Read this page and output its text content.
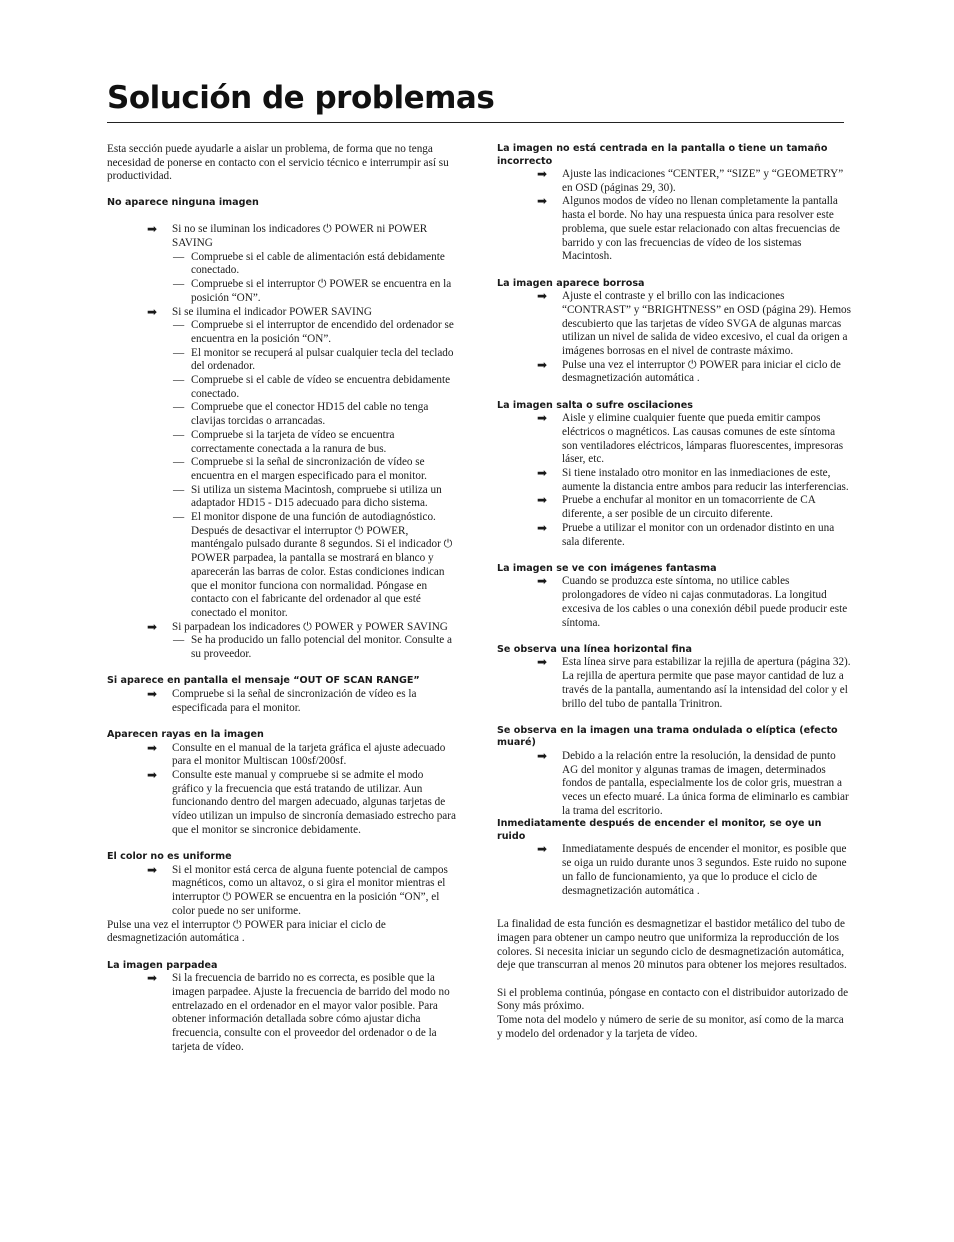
Solución de problemas

Esta sección puede ayudarle a aislar un problema, de forma que no tenga necesidad de ponerse en contacto con el servicio técnico e interrumpir así su productividad.

No aparece ninguna imagen

➡ Si no se iluminan los indicadores ⏻ POWER ni POWER SAVING

— Compruebe si el cable de alimentación está debidamente conectado.

— Compruebe si el interruptor ⏻ POWER se encuentra en la posición “ON”.

➡ Si se ilumina el indicador POWER SAVING

— Compruebe si el interruptor de encendido del ordenador se encuentra en la posición “ON”.

— El monitor se recuperá al pulsar cualquier tecla del teclado del ordenador.

— Compruebe si el cable de vídeo se encuentra debidamente conectado.

— Compruebe que el conector HD15 del cable no tenga clavijas torcidas o arrancadas.

— Compruebe si la tarjeta de vídeo se encuentra correctamente conectada a la ranura de bus.

— Compruebe si la señal de sincronización de vídeo se encuentra en el margen especificado para el monitor.

— Si utiliza un sistema Macintosh, compruebe si utiliza un adaptador HD15 - D15 adecuado para dicho sistema.

— El monitor dispone de una función de autodiagnóstico. Después de desactivar el interruptor ⏻ POWER, manténgalo pulsado durante 8 segundos. Si el indicador ⏻ POWER parpadea, la pantalla se mostrará en blanco y aparecerán las barras de color. Estas condiciones indican que el monitor funciona con normalidad. Póngase en contacto con el fabricante del ordenador al que esté conectado el monitor.

➡ Si parpadean los indicadores ⏻ POWER y POWER SAVING

— Se ha producido un fallo potencial del monitor. Consulte a su proveedor.

Si aparece en pantalla el mensaje “OUT OF SCAN RANGE”

➡ Compruebe si la señal de sincronización de vídeo es la especificada para el monitor.

Aparecen rayas en la imagen

➡ Consulte en el manual de la tarjeta gráfica el ajuste adecuado para el monitor Multiscan 100sf/200sf.

➡ Consulte este manual y compruebe si se admite el modo gráfico y la frecuencia que está tratando de utilizar. Aun funcionando dentro del margen adecuado, algunas tarjetas de vídeo utilizan un impulso de sincronía demasiado estrecho para que el monitor se sincronice debidamente.

El color no es uniforme

➡ Si el monitor está cerca de alguna fuente potencial de campos magnéticos, como un altavoz, o si gira el monitor mientras el interruptor ⏻ POWER se encuentra en la posición “ON”, el color puede no ser uniforme.

Pulse una vez el interruptor ⏻ POWER para iniciar el ciclo de desmagnetización automática .

La imagen parpadea

➡ Si la frecuencia de barrido no es correcta, es posible que la imagen parpadee. Ajuste la frecuencia de barrido del modo no entrelazado en el ordenador en el mayor valor posible. Para obtener información detallada sobre cómo ajustar dicha frecuencia, consulte con el proveedor del ordenador o de la tarjeta de vídeo.

La imagen no está centrada en la pantalla o tiene un tamaño incorrecto

➡ Ajuste las indicaciones “CENTER,” “SIZE” y “GEOMETRY” en OSD (páginas 29, 30).

➡ Algunos modos de vídeo no llenan completamente la pantalla hasta el borde. No hay una respuesta única para resolver este problema, que suele estar relacionado con altas frecuencias de barrido y con las frecuencias de vídeo de los sistemas Macintosh.

La imagen aparece borrosa

➡ Ajuste el contraste y el brillo con las indicaciones “CONTRAST” y “BRIGHTNESS” en OSD (página 29). Hemos descubierto que las tarjetas de vídeo SVGA de algunas marcas utilizan un nivel de salida de video excesivo, el cual da origen a imágenes borrosas en el nivel de contraste máximo.

➡ Pulse una vez el interruptor ⏻ POWER para iniciar el ciclo de desmagnetización automática .

La imagen salta o sufre oscilaciones

➡ Aisle y elimine cualquier fuente que pueda emitir campos eléctricos o magnéticos. Las causas comunes de este síntoma son ventiladores eléctricos, lámparas fluorescentes, impresoras láser, etc.

➡ Si tiene instalado otro monitor en las inmediaciones de este, aumente la distancia entre ambos para reducir las interferencias.

➡ Pruebe a enchufar al monitor en un tomacorriente de CA diferente, a ser posible de un circuito diferente.

➡ Pruebe a utilizar el monitor con un ordenador distinto en una sala diferente.

La imagen se ve con imágenes fantasma

➡ Cuando se produzca este síntoma, no utilice cables prolongadores de vídeo ni cajas conmutadoras. La longitud excesiva de los cables o una conexión débil puede producir este síntoma.

Se observa una línea horizontal fina

➡ Esta línea sirve para estabilizar la rejilla de apertura (página 32). La rejilla de apertura permite que pase mayor cantidad de luz a través de la pantalla, aumentando así la intensidad del color y el brillo del tubo de pantalla Trinitron.

Se observa en la imagen una trama ondulada o elíptica (efecto muaré)

➡ Debido a la relación entre la resolución, la densidad de punto AG del monitor y algunas tramas de imagen, determinados fondos de pantalla, especialmente los de color gris, muestran a veces un efecto muaré. La única forma de eliminarlo es cambiar la trama del escritorio.

Inmediatamente después de encender el monitor, se oye un ruido

➡ Inmediatamente después de encender el monitor, es posible que se oiga un ruido durante unos 3 segundos. Este ruido no supone un fallo de funcionamiento, ya que lo produce el ciclo de desmagnetización automática .

La finalidad de esta función es desmagnetizar el bastidor metálico del tubo de imagen para obtener un campo neutro que uniformiza la reproducción de los colores. Si necesita iniciar un segundo ciclo de desmagnetización automática, deje que transcurran al menos 20 minutos para obtener los mejores resultados.

Si el problema continúa, póngase en contacto con el distribuidor autorizado de Sony más próximo.

Tome nota del modelo y número de serie de su monitor, así como de la marca y modelo del ordenador y la tarjeta de vídeo.
